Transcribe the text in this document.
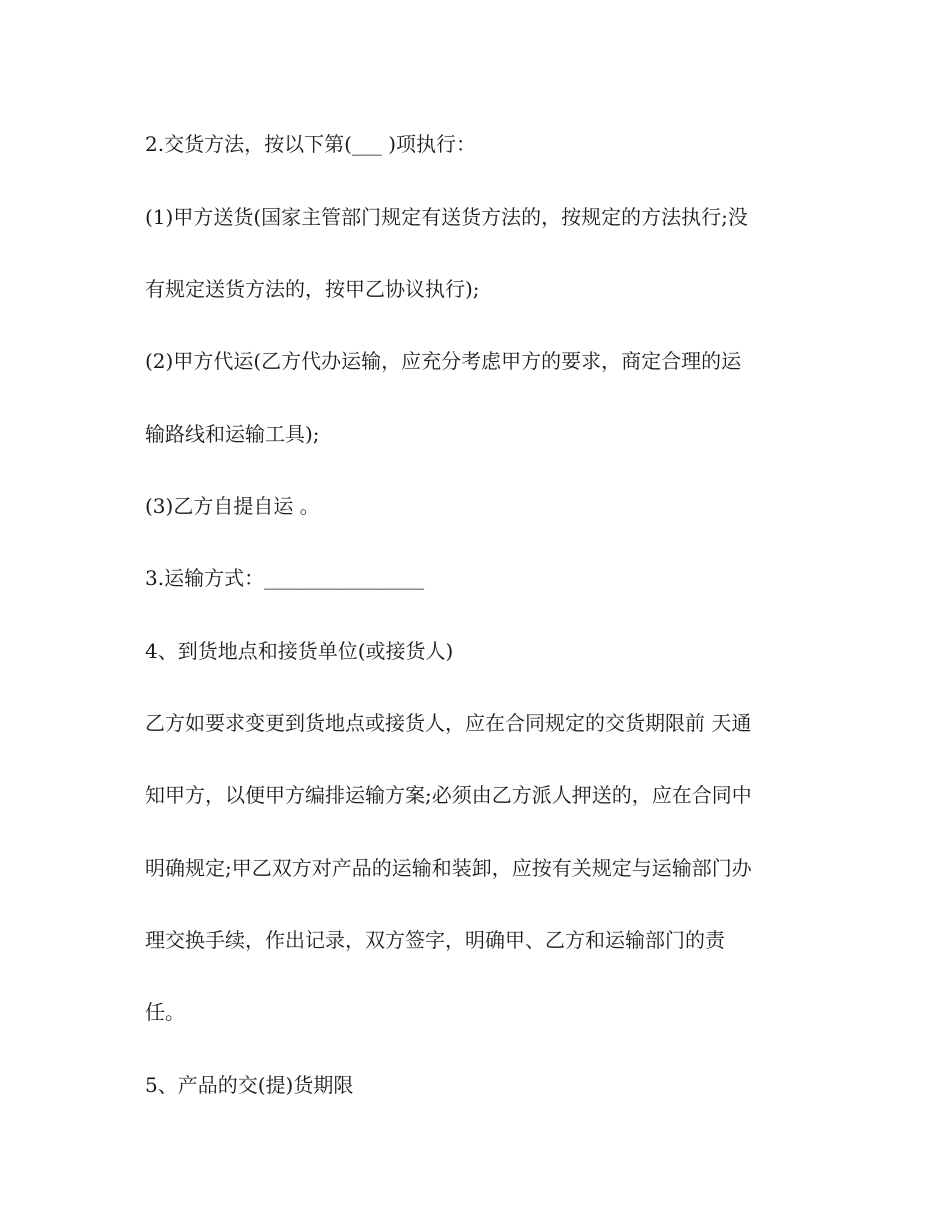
2.交货方法，按以下第(___ )项执行：

(1)甲方送货(国家主管部门规定有送货方法的，按规定的方法执行;没

有规定送货方法的，按甲乙协议执行);

(2)甲方代运(乙方代办运输，应充分考虑甲方的要求，商定合理的运

输路线和运输工具);

(3)乙方自提自运 。

3.运输方式：________________

4、到货地点和接货单位(或接货人)

乙方如要求变更到货地点或接货人，应在合同规定的交货期限前 天通

知甲方，以便甲方编排运输方案;必须由乙方派人押送的，应在合同中

明确规定;甲乙双方对产品的运输和装卸，应按有关规定与运输部门办

理交换手续，作出记录，双方签字，明确甲、乙方和运输部门的责

任。

5、产品的交(提)货期限
